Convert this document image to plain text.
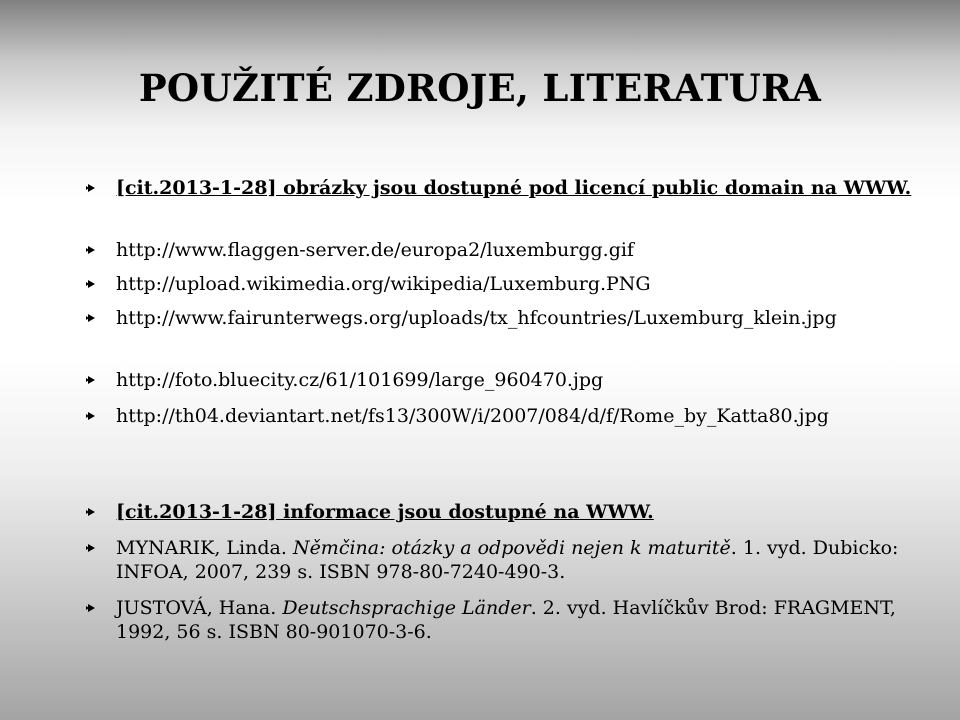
POUŽITÉ ZDROJE, LITERATURA
[cit.2013-1-28] obrázky jsou dostupné pod licencí public domain na WWW.
http://www.flaggen-server.de/europa2/luxemburgg.gif
http://upload.wikimedia.org/wikipedia/Luxemburg.PNG
http://www.fairunterwegs.org/uploads/tx_hfcountries/Luxemburg_klein.jpg
http://foto.bluecity.cz/61/101699/large_960470.jpg
http://th04.deviantart.net/fs13/300W/i/2007/084/d/f/Rome_by_Katta80.jpg
[cit.2013-1-28] informace jsou dostupné na WWW.
MYNARIK, Linda. Němčina: otázky a odpovědi nejen k maturitě. 1. vyd. Dubicko: INFOA, 2007, 239 s. ISBN 978-80-7240-490-3.
JUSTOVÁ, Hana. Deutschsprachige Länder. 2. vyd. Havlíčkův Brod: FRAGMENT, 1992, 56 s. ISBN 80-901070-3-6.
